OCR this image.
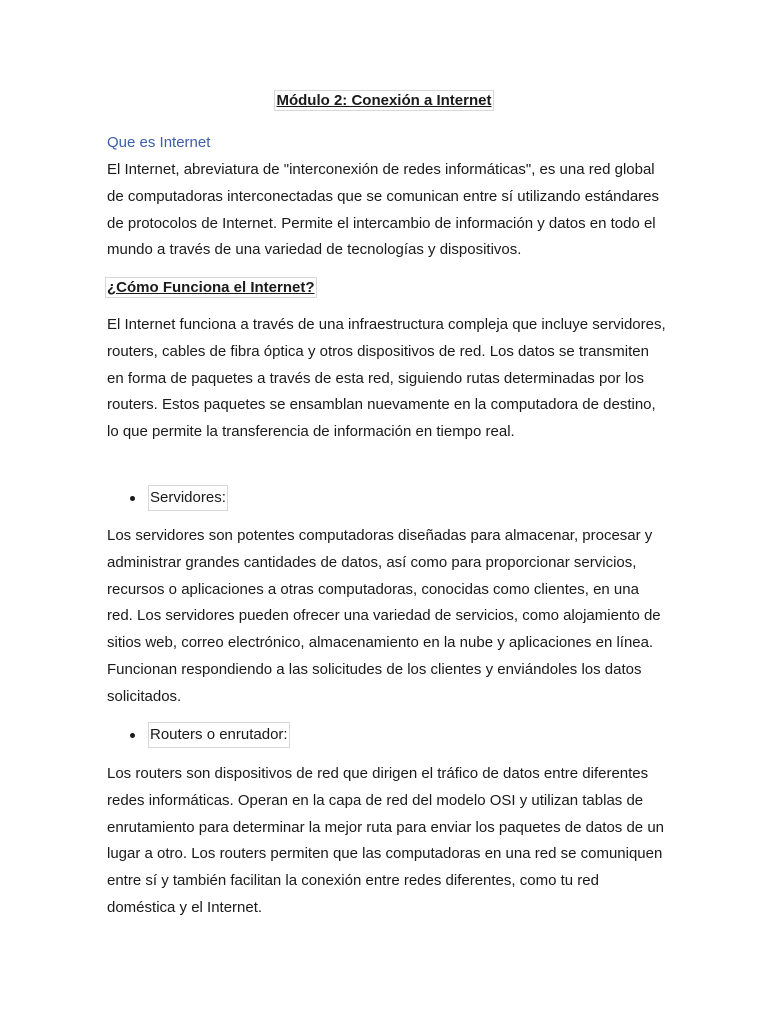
Módulo 2: Conexión a Internet
Que es Internet

El Internet, abreviatura de "interconexión de redes informáticas", es una red global de computadoras interconectadas que se comunican entre sí utilizando estándares de protocolos de Internet. Permite el intercambio de información y datos en todo el mundo a través de una variedad de tecnologías y dispositivos.

¿Cómo Funciona el Internet?

El Internet funciona a través de una infraestructura compleja que incluye servidores, routers, cables de fibra óptica y otros dispositivos de red. Los datos se transmiten en forma de paquetes a través de esta red, siguiendo rutas determinadas por los routers. Estos paquetes se ensamblan nuevamente en la computadora de destino, lo que permite la transferencia de información en tiempo real.

Servidores:

Los servidores son potentes computadoras diseñadas para almacenar, procesar y administrar grandes cantidades de datos, así como para proporcionar servicios, recursos o aplicaciones a otras computadoras, conocidas como clientes, en una red. Los servidores pueden ofrecer una variedad de servicios, como alojamiento de sitios web, correo electrónico, almacenamiento en la nube y aplicaciones en línea. Funcionan respondiendo a las solicitudes de los clientes y enviándoles los datos solicitados.

Routers o enrutador:

Los routers son dispositivos de red que dirigen el tráfico de datos entre diferentes redes informáticas. Operan en la capa de red del modelo OSI y utilizan tablas de enrutamiento para determinar la mejor ruta para enviar los paquetes de datos de un lugar a otro. Los routers permiten que las computadoras en una red se comuniquen entre sí y también facilitan la conexión entre redes diferentes, como tu red doméstica y el Internet.
